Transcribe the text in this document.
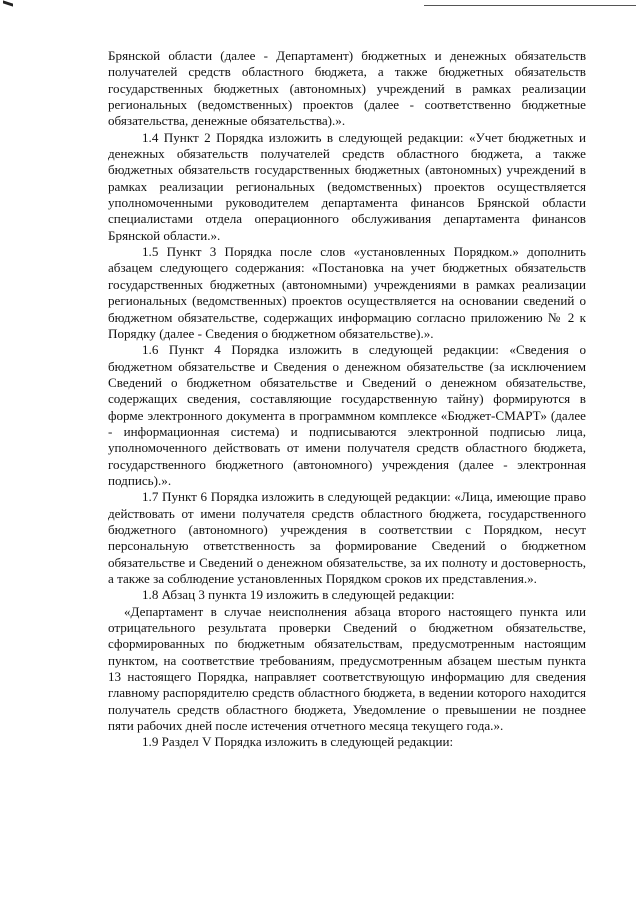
Брянской области (далее - Департамент) бюджетных и денежных обязательств получателей средств областного бюджета, а также бюджетных обязательств государственных бюджетных (автономных) учреждений в рамках реализации региональных (ведомственных) проектов (далее - соответственно бюджетные обязательства, денежные обязательства).».

1.4 Пункт 2 Порядка изложить в следующей редакции: «Учет бюджетных и денежных обязательств получателей средств областного бюджета, а также бюджетных обязательств государственных бюджетных (автономных) учреждений в рамках реализации региональных (ведомственных) проектов осуществляется уполномоченными руководителем департамента финансов Брянской области специалистами отдела операционного обслуживания департамента финансов Брянской области.».

1.5 Пункт 3 Порядка после слов «установленных Порядком.» дополнить абзацем следующего содержания: «Постановка на учет бюджетных обязательств государственных бюджетных (автономными) учреждениями в рамках реализации региональных (ведомственных) проектов осуществляется на основании сведений о бюджетном обязательстве, содержащих информацию согласно приложению № 2 к Порядку (далее - Сведения о бюджетном обязательстве).».

1.6 Пункт 4 Порядка изложить в следующей редакции: «Сведения о бюджетном обязательстве и Сведения о денежном обязательстве (за исключением Сведений о бюджетном обязательстве и Сведений о денежном обязательстве, содержащих сведения, составляющие государственную тайну) формируются в форме электронного документа в программном комплексе «Бюджет-СМАРТ» (далее - информационная система) и подписываются электронной подписью лица, уполномоченного действовать от имени получателя средств областного бюджета, государственного бюджетного (автономного) учреждения (далее - электронная подпись).».

1.7 Пункт 6 Порядка изложить в следующей редакции: «Лица, имеющие право действовать от имени получателя средств областного бюджета, государственного бюджетного (автономного) учреждения в соответствии с Порядком, несут персональную ответственность за формирование Сведений о бюджетном обязательстве и Сведений о денежном обязательстве, за их полноту и достоверность, а также за соблюдение установленных Порядком сроков их представления.».

1.8 Абзац 3 пункта 19 изложить в следующей редакции:

«Департамент в случае неисполнения абзаца второго настоящего пункта или отрицательного результата проверки Сведений о бюджетном обязательстве, сформированных по бюджетным обязательствам, предусмотренным настоящим пунктом, на соответствие требованиям, предусмотренным абзацем шестым пункта 13 настоящего Порядка, направляет соответствующую информацию для сведения главному распорядителю средств областного бюджета, в ведении которого находится получатель средств областного бюджета, Уведомление о превышении не позднее пяти рабочих дней после истечения отчетного месяца текущего года.».

1.9 Раздел V Порядка изложить в следующей редакции:
